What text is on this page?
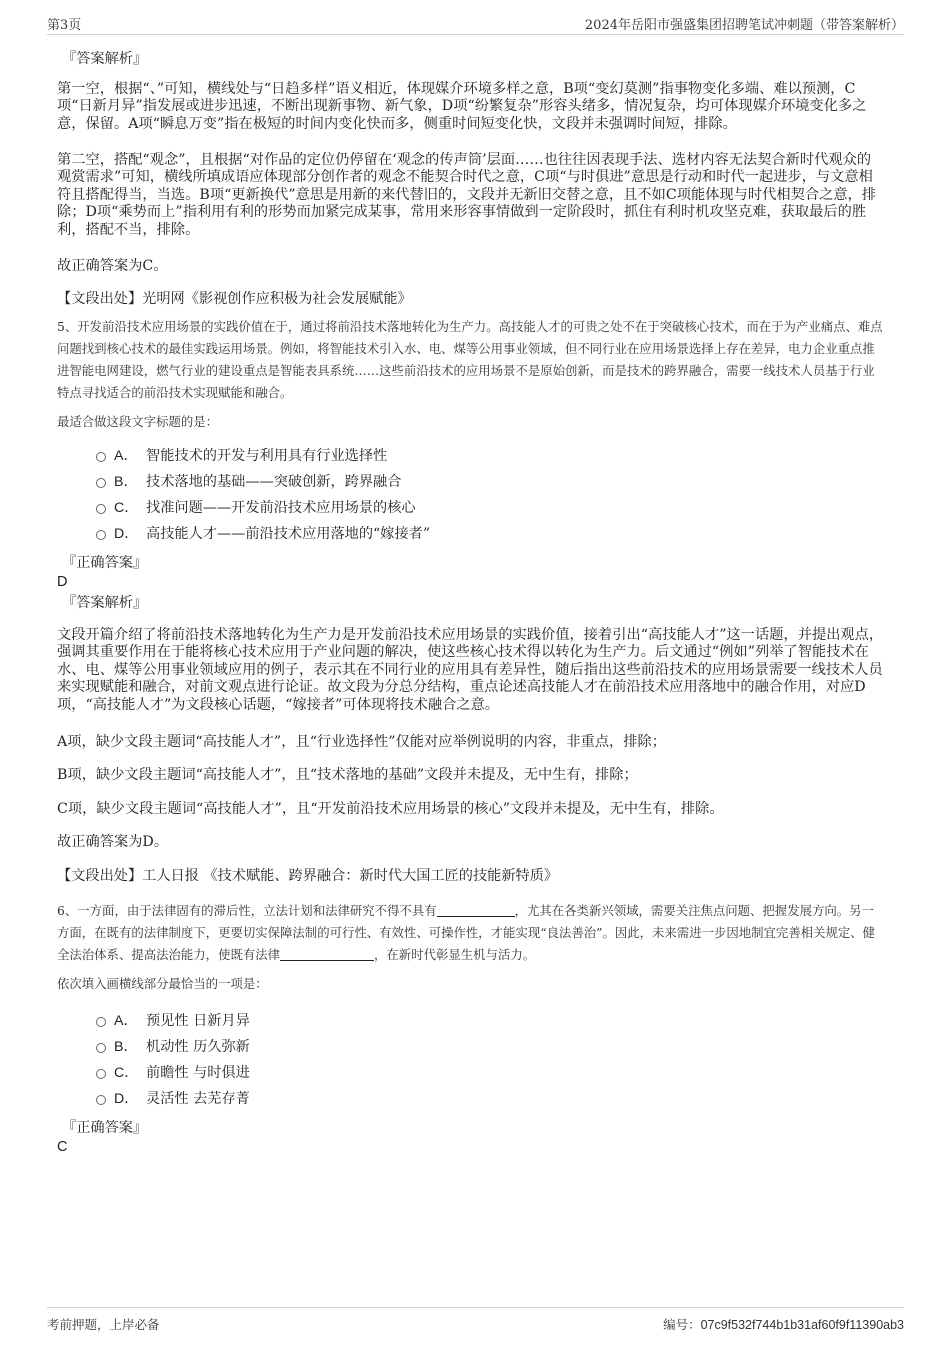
第3页	2024年岳阳市强盛集团招聘笔试冲刺题（带答案解析）
『答案解析』

第一空，根据“、”可知，横线处与“日趋多样”语义相近，体现媒介环境多样之意，B项“变幻莫测”指事物变化多端、难以预测，C项“日新月异”指发展或进步迅速，不断出现新事物、新气象，D项“纷繁复杂”形容头绪多，情况复杂，均可体现媒介环境变化多之意，保留。A项“瞬息万变”指在极短的时间内变化快而多，侧重时间短变化快，文段并未强调时间短，排除。

第二空，搭配“观念”，且根据“对作品的定位仍停留在‘观念的传声筒’层面……也往往因表现手法、选材内容无法契合新时代观众的观赏需求”可知，横线所填成语应体现部分创作者的观念不能契合时代之意，C项“与时俱进”意思是行动和时代一起进步，与文意相符且搭配得当，当选。B项“更新换代”意思是用新的来代替旧的，文段并无新旧交替之意，且不如C项能体现与时代相契合之意，排除；D项“乘势而上”指利用有利的形势而加紧完成某事，常用来形容事情做到一定阶段时，抓住有利时机攻坚克难，获取最后的胜利，搭配不当，排除。

故正确答案为C。

【文段出处】光明网《影视创作应积极为社会发展赋能》

5、开发前沿技术应用场景的实践价值在于，通过将前沿技术落地转化为生产力。高技能人才的可贵之处不在于突破核心技术，而在于为产业痛点、难点问题找到核心技术的最佳实践运用场景。例如，将智能技术引入水、电、煤等公用事业领域，但不同行业在应用场景选择上存在差异，电力企业重点推进智能电网建设，燃气行业的建设重点是智能表具系统……这些前沿技术的应用场景不是原始创新，而是技术的跨界融合，需要一线技术人员基于行业特点寻找适合的前沿技术实现赋能和融合。

最适合做这段文字标题的是：

A． 智能技术的开发与利用具有行业选择性
B． 技术落地的基础——突破创新，跨界融合
C． 找准问题——开发前沿技术应用场景的核心
D． 高技能人才——前沿技术应用落地的“嫁接者”
『正确答案』
D
『答案解析』

文段开篇介绍了将前沿技术落地转化为生产力是开发前沿技术应用场景的实践价值，接着引出“高技能人才”这一话题，并提出观点，强调其重要作用在于能将核心技术应用于产业问题的解决，使这些核心技术得以转化为生产力。后文通过“例如”列举了智能技术在水、电、煤等公用事业领域应用的例子，表示其在不同行业的应用具有差异性，随后指出这些前沿技术的应用场景需要一线技术人员来实现赋能和融合，对前文观点进行论证。故文段为分总分结构，重点论述高技能人才在前沿技术应用落地中的融合作用，对应D项，“高技能人才”为文段核心话题，“嫁接者”可体现将技术融合之意。

A项，缺少文段主题词“高技能人才”，且“行业选择性”仅能对应举例说明的内容，非重点，排除；

B项，缺少文段主题词“高技能人才”，且“技术落地的基础”文段并未提及，无中生有，排除；

C项，缺少文段主题词“高技能人才”，且“开发前沿技术应用场景的核心”文段并未提及，无中生有，排除。

故正确答案为D。

【文段出处】工人日报 《技术赋能、跨界融合：新时代大国工匠的技能新特质》

6、一方面，由于法律固有的滞后性，立法计划和法律研究不得不具有	，尤其在各类新兴领域，需要关注焦点问题、把握发展方向。另一方面，在既有的法律制度下，更要切实保障法制的可行性、有效性、可操作性，才能实现“良法善治”。因此，未来需进一步因地制宜完善相关规定、健全法治体系、提高法治能力，使既有法律	，在新时代彰显生机与活力。

依次填入画横线部分最恰当的一项是：

A． 预见性 日新月异
B． 机动性 历久弥新
C． 前瞻性 与时俱进
D． 灵活性 去芜存菁
『正确答案』
C
考前押题，上岸必备	编号：07c9f532f744b1b31af60f9f11390ab3
